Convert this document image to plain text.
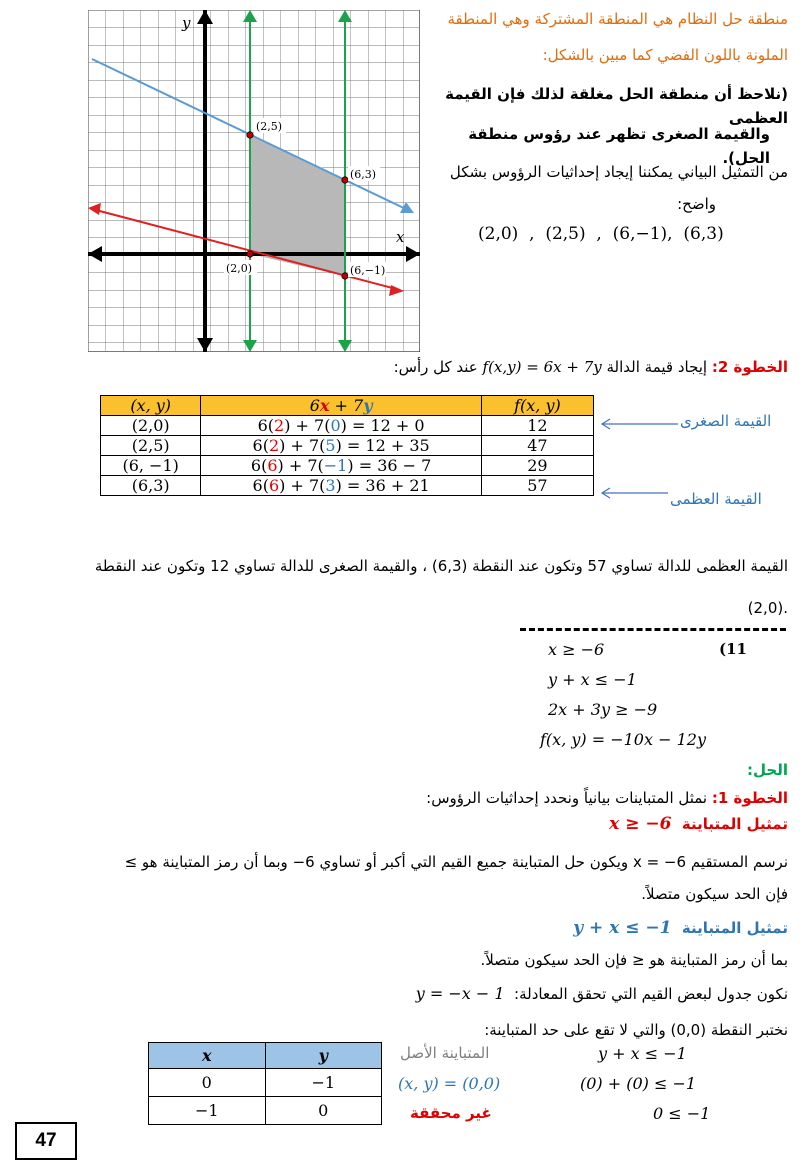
y
x
(2,5)
(6,3)
(2,0)	(6,−1)
منطقة حل النظام هي المنطقة المشتركة وهي المنطقة
الملونة باللون الفضي كما مبين بالشكل:
(نلاحظ أن منطقة الحل مغلقة لذلك فإن القيمة العظمى
والقيمة الصغرى تظهر عند رؤوس منطقة الحل).
من التمثيل البياني يمكننا إيجاد إحداثيات الرؤوس بشكل
واضح:
(2,0)  ,  (2,5)  ,  (6,−1),  (6,3)
الخطوة 2: إيجاد قيمة الدالة f(x,y) = 6x + 7y عند كل رأس:
(x, y)	6x + 7y	f(x, y)
(2,0)	6(2) + 7(0) = 12 + 0	12
(2,5)	6(2) + 7(5) = 12 + 35	47
(6, −1)	6(6) + 7(−1) = 36 − 7	29
(6,3)	6(6) + 7(3) = 36 + 21	57
القيمة الصغرى
القيمة العظمى
القيمة العظمى للدالة تساوي 57 وتكون عند النقطة (6,3) ، والقيمة الصغرى للدالة تساوي 12 وتكون عند النقطة
.(2,0)
(11
x ≥ −6
y + x ≤ −1
2x + 3y ≥ −9
f(x, y) = −10x − 12y
الحل:
الخطوة 1: نمثل المتباينات بيانياً ونحدد إحداثيات الرؤوس:
تمثيل المتباينة  x ≥ −6
نرسم المستقيم x = −6 ويكون حل المتباينة جميع القيم التي أكبر أو تساوي 6− وبما أن رمز المتباينة هو ≥
فإن الحد سيكون متصلاً.
تمثيل المتباينة  y + x ≤ −1
بما أن رمز المتباينة هو ≤ فإن الحد سيكون متصلاً.
نكون جدول لبعض القيم التي تحقق المعادلة:  y = −x − 1
نختبر النقطة (0,0) والتي لا تقع على حد المتباينة:
المتباينة الأصل	y + x ≤ −1
(x, y) = (0,0)	(0) + (0) ≤ −1
غير محققة	0 ≤ −1
x	y
0	−1
−1	0
47
